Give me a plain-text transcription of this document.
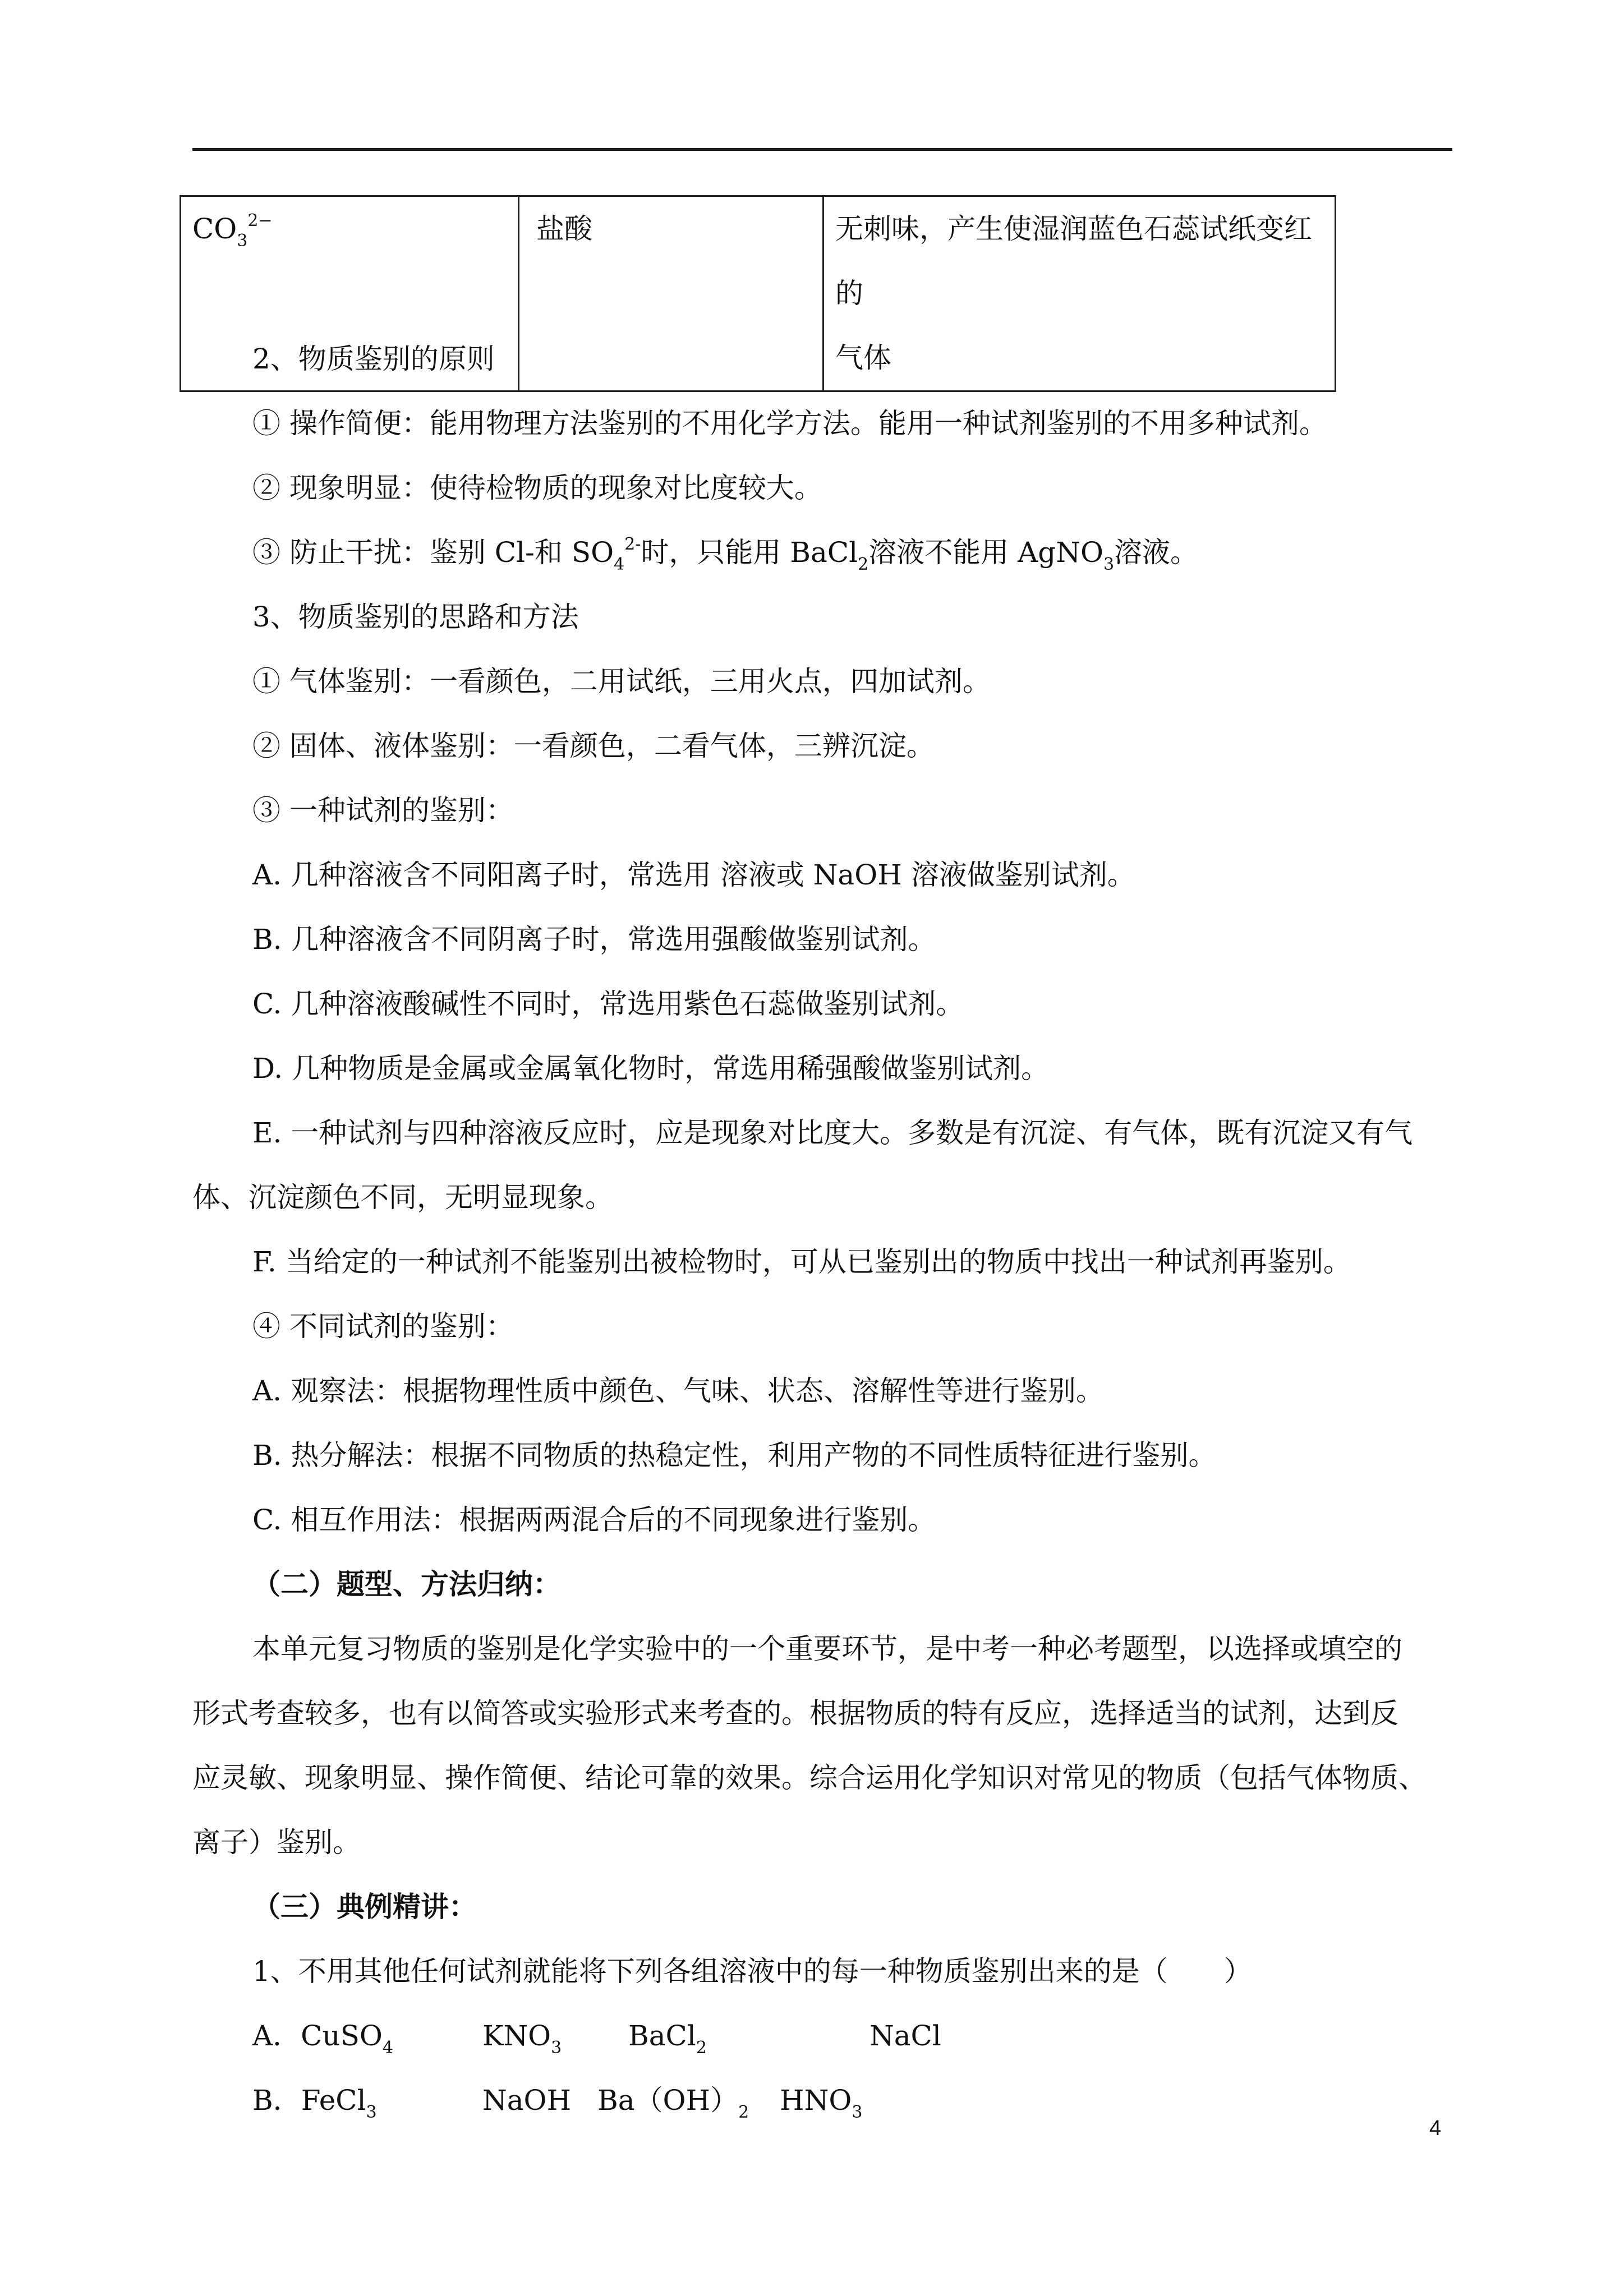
$CO_3^{2-}$	盐酸	无刺味，产生使湿润蓝色石蕊试纸变红的
气体
2、物质鉴别的原则
① 操作简便：能用物理方法鉴别的不用化学方法。能用一种试剂鉴别的不用多种试剂。
② 现象明显：使待检物质的现象对比度较大。
③ 防止干扰：鉴别 Cl-和 $SO_4^{2-}$时，只能用 BaCl$_2$溶液不能用 AgNO$_3$溶液。
3、物质鉴别的思路和方法
① 气体鉴别：一看颜色，二用试纸，三用火点，四加试剂。
② 固体、液体鉴别：一看颜色，二看气体，三辨沉淀。
③ 一种试剂的鉴别：
A. 几种溶液含不同阳离子时，常选用 溶液或 NaOH 溶液做鉴别试剂。
B. 几种溶液含不同阴离子时，常选用强酸做鉴别试剂。
C. 几种溶液酸碱性不同时，常选用紫色石蕊做鉴别试剂。
D. 几种物质是金属或金属氧化物时，常选用稀强酸做鉴别试剂。
E. 一种试剂与四种溶液反应时，应是现象对比度大。多数是有沉淀、有气体，既有沉淀又有气
体、沉淀颜色不同，无明显现象。
F. 当给定的一种试剂不能鉴别出被检物时，可从已鉴别出的物质中找出一种试剂再鉴别。
④ 不同试剂的鉴别：
A. 观察法：根据物理性质中颜色、气味、状态、溶解性等进行鉴别。
B. 热分解法：根据不同物质的热稳定性，利用产物的不同性质特征进行鉴别。
C. 相互作用法：根据两两混合后的不同现象进行鉴别。
（二）题型、方法归纳：
本单元复习物质的鉴别是化学实验中的一个重要环节，是中考一种必考题型，以选择或填空的
形式考查较多，也有以简答或实验形式来考查的。根据物质的特有反应，选择适当的试剂，达到反
应灵敏、现象明显、操作简便、结论可靠的效果。综合运用化学知识对常见的物质（包括气体物质、
离子）鉴别。
（三）典例精讲：
1、不用其他任何试剂就能将下列各组溶液中的每一种物质鉴别出来的是（　　）
A．CuSO$_4$	$KNO_3$ BaCl$_2$	NaCl
B．FeCl$_3$	NaOH $Ba(OH)_2$ $HNO_3$
4
